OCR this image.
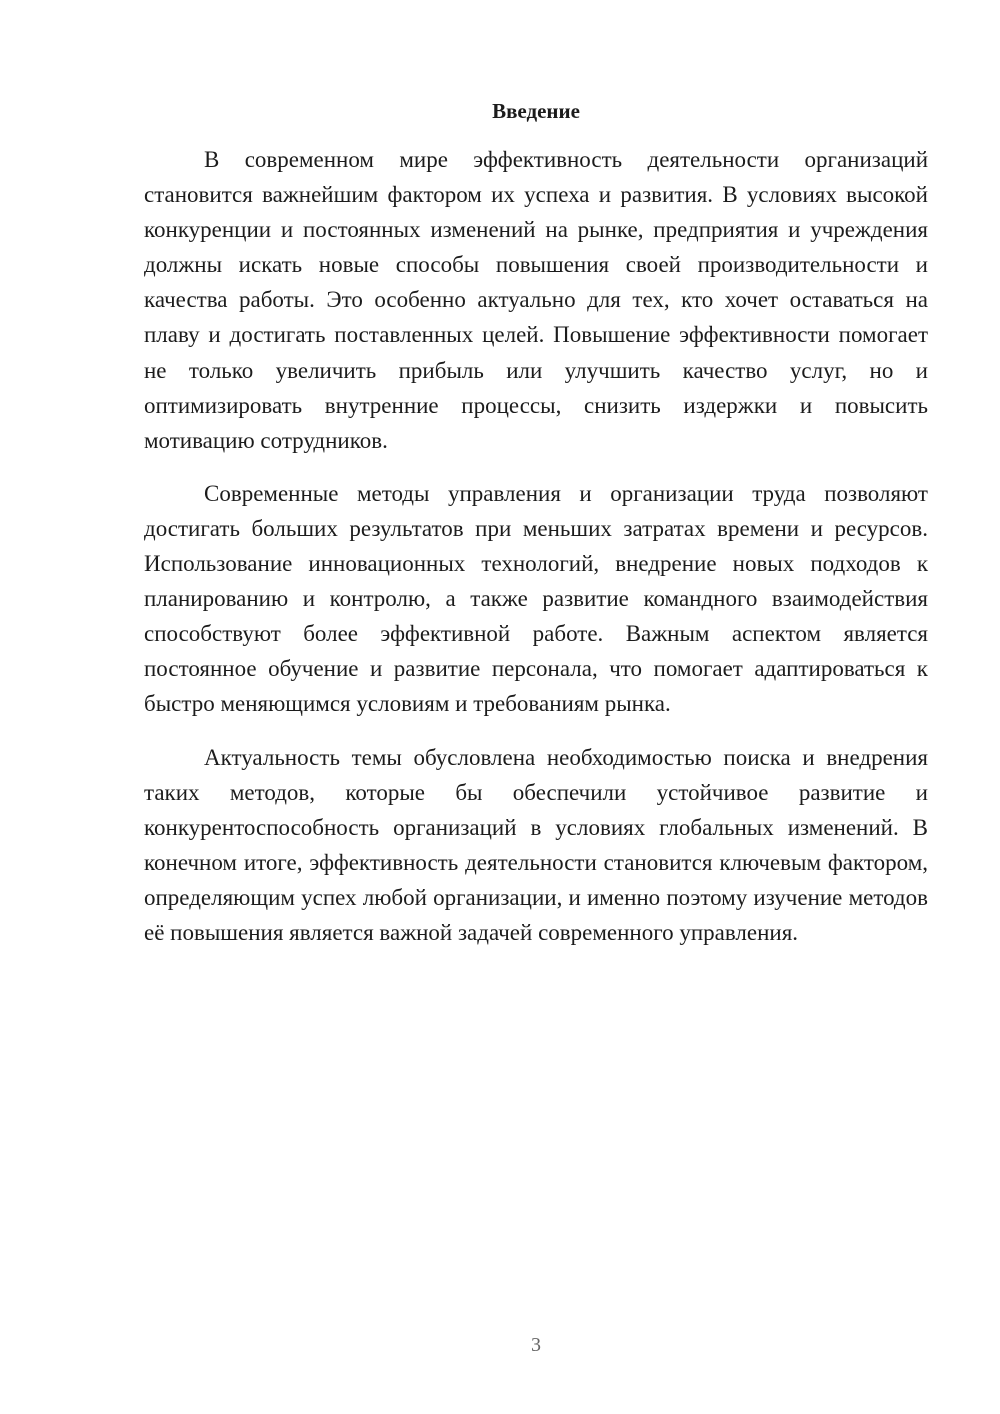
Введение

В современном мире эффективность деятельности организаций становится важнейшим фактором их успеха и развития. В условиях высокой конкуренции и постоянных изменений на рынке, предприятия и учреждения должны искать новые способы повышения своей производительности и качества работы. Это особенно актуально для тех, кто хочет оставаться на плаву и достигать поставленных целей. Повышение эффективности помогает не только увеличить прибыль или улучшить качество услуг, но и оптимизировать внутренние процессы, снизить издержки и повысить мотивацию сотрудников.

Современные методы управления и организации труда позволяют достигать больших результатов при меньших затратах времени и ресурсов. Использование инновационных технологий, внедрение новых подходов к планированию и контролю, а также развитие командного взаимодействия способствуют более эффективной работе. Важным аспектом является постоянное обучение и развитие персонала, что помогает адаптироваться к быстро меняющимся условиям и требованиям рынка.

Актуальность темы обусловлена необходимостью поиска и внедрения таких методов, которые бы обеспечили устойчивое развитие и конкурентоспособность организаций в условиях глобальных изменений. В конечном итоге, эффективность деятельности становится ключевым фактором, определяющим успех любой организации, и именно поэтому изучение методов её повышения является важной задачей современного управления.

3
